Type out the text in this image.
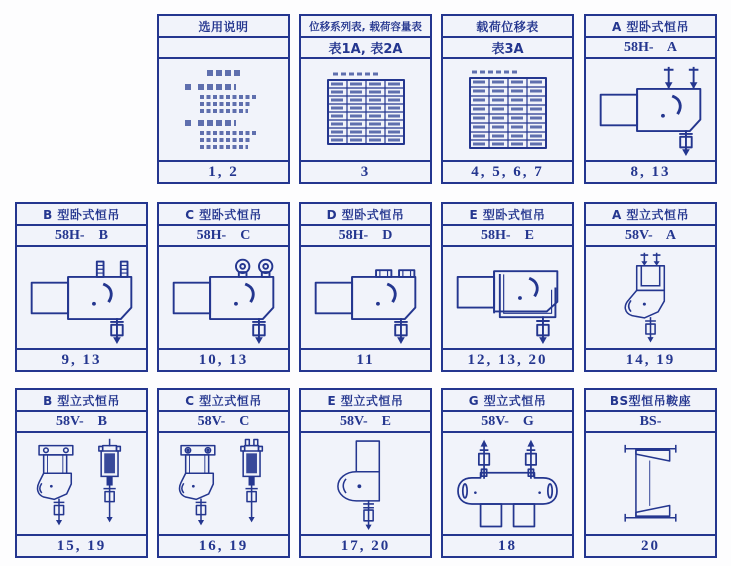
选用说明
1, 2
位移系列表, 载荷容量表
表1A, 表2A
3
载荷位移表
表3A
4, 5, 6, 7
A 型卧式恒吊
58H-    A
8, 13
B 型卧式恒吊
58H-    B
9, 13
C 型卧式恒吊
58H-    C
10, 13
D 型卧式恒吊
58H-    D
11
E 型卧式恒吊
58H-    E
12, 13, 20
A 型立式恒吊
58V-    A
14, 19
B 型立式恒吊
58V-    B
15, 19
C 型立式恒吊
58V-    C
16, 19
E 型立式恒吊
58V-    E
17, 20
G 型立式恒吊
58V-    G
18
BS型恒吊鞍座
BS-
20
